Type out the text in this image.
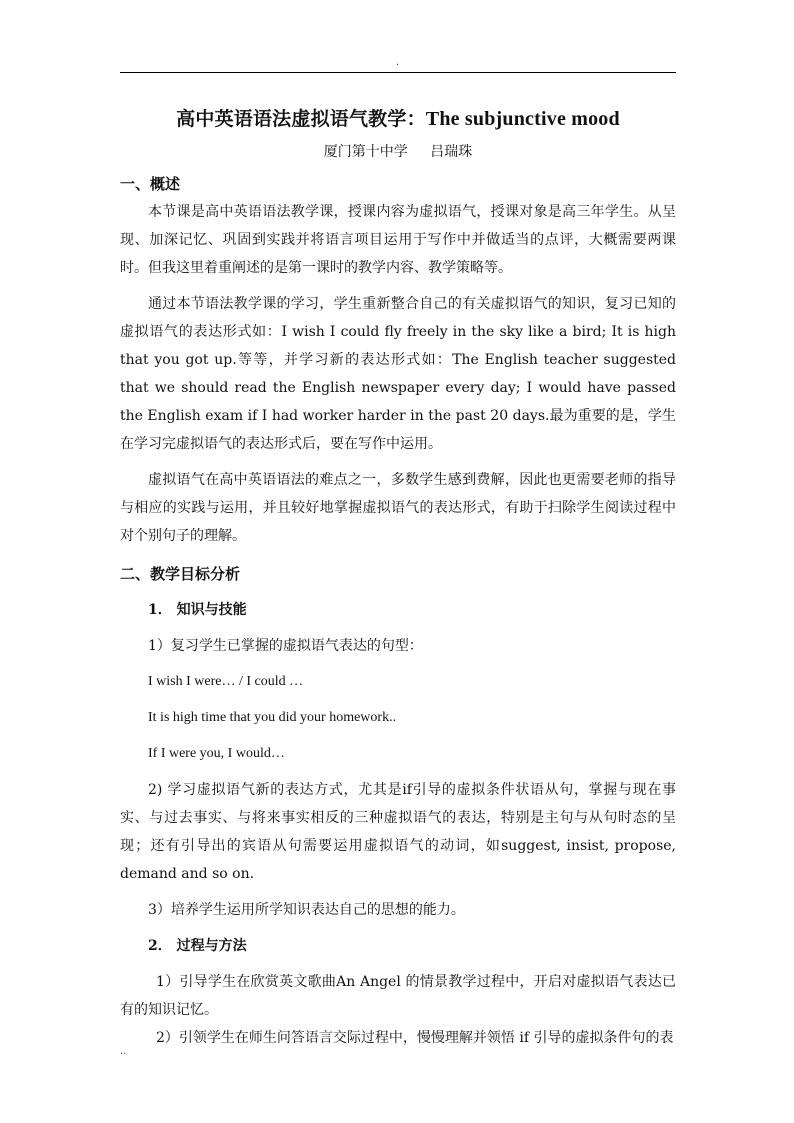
.
高中英语语法虚拟语气教学：The subjunctive mood

厦门第十中学 吕瑞珠

一、概述

本节课是高中英语语法教学课，授课内容为虚拟语气，授课对象是高三年学生。从呈现、加深记忆、巩固到实践并将语言项目运用于写作中并做适当的点评，大概需要两课时。但我这里着重阐述的是第一课时的教学内容、教学策略等。

通过本节语法教学课的学习，学生重新整合自己的有关虚拟语气的知识，复习已知的虚拟语气的表达形式如：I wish I could fly freely in the sky like a bird; It is high that you got up.等等，并学习新的表达形式如：The English teacher suggested that we should read the English newspaper every day; I would have passed the English exam if I had worker harder in the past 20 days.最为重要的是，学生在学习完虚拟语气的表达形式后，要在写作中运用。

虚拟语气在高中英语语法的难点之一，多数学生感到费解，因此也更需要老师的指导与相应的实践与运用，并且较好地掌握虚拟语气的表达形式，有助于扫除学生阅读过程中对个别句子的理解。

二、教学目标分析
1． 知识与技能
1）复习学生已掌握的虚拟语气表达的句型：
I wish I were… / I could …
It is high time that you did your homework..
If I were you, I would…

2) 学习虚拟语气新的表达方式，尤其是if引导的虚拟条件状语从句，掌握与现在事实、与过去事实、与将来事实相反的三种虚拟语气的表达，特别是主句与从句时态的呈现；还有引导出的宾语从句需要运用虚拟语气的动词，如suggest, insist, propose, demand and so on.

3）培养学生运用所学知识表达自己的思想的能力。
2． 过程与方法

1）引导学生在欣赏英文歌曲An Angel 的情景教学过程中，开启对虚拟语气表达已有的知识记忆。

2）引领学生在师生问答语言交际过程中，慢慢理解并领悟 if 引导的虚拟条件句的表

..
